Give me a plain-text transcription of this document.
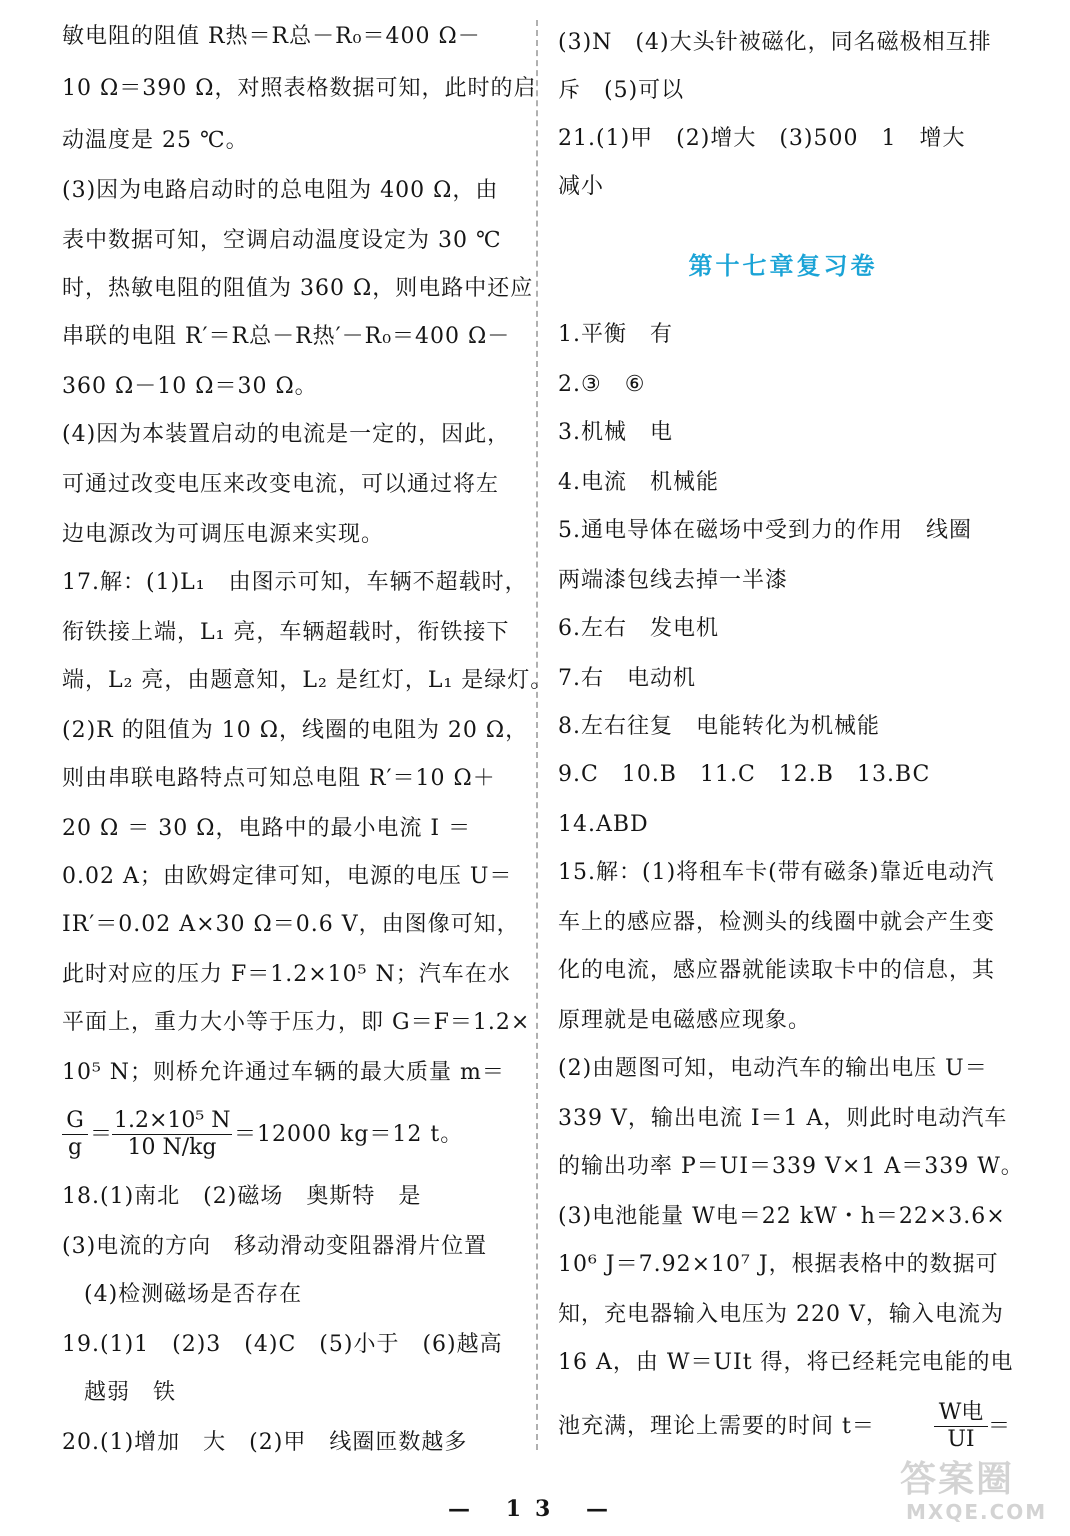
敏电阻的阻值 R热＝R总－R₀＝400 Ω－
10 Ω＝390 Ω，对照表格数据可知，此时的启
动温度是 25 ℃。
(3)因为电路启动时的总电阻为 400 Ω，由
表中数据可知，空调启动温度设定为 30 ℃
时，热敏电阻的阻值为 360 Ω，则电路中还应
串联的电阻 R′＝R总－R热′－R₀＝400 Ω－
360 Ω－10 Ω＝30 Ω。
(4)因为本装置启动的电流是一定的，因此，
可通过改变电压来改变电流，可以通过将左
边电源改为可调压电源来实现。
17.解：(1)L₁　由图示可知，车辆不超载时，
衔铁接上端，L₁ 亮，车辆超载时，衔铁接下
端，L₂ 亮，由题意知，L₂ 是红灯，L₁ 是绿灯。
(2)R 的阻值为 10 Ω，线圈的电阻为 20 Ω，
则由串联电路特点可知总电阻 R′＝10 Ω＋
20 Ω ＝ 30 Ω，电路中的最小电流 I ＝
0.02 A；由欧姆定律可知，电源的电压 U＝
IR′＝0.02 A×30 Ω＝0.6 V，由图像可知，
此时对应的压力 F＝1.2×10⁵ N；汽车在水
平面上，重力大小等于压力，即 G＝F＝1.2×
10⁵ N；则桥允许通过车辆的最大质量 m＝
$\frac{G}{g}$ ＝
$\frac{\text{1.2×10⁵ N}}{10 N/kg} =12000$ kg＝12 t。
18.(1)南北　(2)磁场　奥斯特　是
(3)电流的方向　移动滑动变阻器滑片位置
(4)检测磁场是否存在
19.(1)1　(2)3　(4)C　(5)小于　(6)越高
越弱　铁
20.(1)增加　大　(2)甲　线圈匝数越多
(3)N　(4)大头针被磁化，同名磁极相互排
斥　(5)可以
21.(1)甲　(2)增大　(3)500　1　增大
减小
第十七章复习卷
1.平衡　有
2.③　⑥
3.机械　电
4.电流　机械能
5.通电导体在磁场中受到力的作用　线圈
两端漆包线去掉一半漆
6.左右　发电机
7.右　电动机
8.左右往复　电能转化为机械能
9.C　10.B　11.C　12.B　13.BC
14.ABD
15.解：(1)将租车卡(带有磁条)靠近电动汽
车上的感应器，检测头的线圈中就会产生变
化的电流，感应器就能读取卡中的信息，其
原理就是电磁感应现象。
(2)由题图可知，电动汽车的输出电压 U＝
339 V，输出电流 I＝1 A，则此时电动汽车
的输出功率 P＝UI＝339 V×1 A＝339 W。
(3)电池能量 W电＝22 kW・h＝22×3.6×
10⁶ J＝7.92×10⁷ J，根据表格中的数据可
知，充电器输入电压为 220 V，输入电流为
16 A，由 W＝UIt 得，将已经耗完电能的电
池充满，理论上需要的时间 t＝
W电
UI
＝
— 13 —
答案圈
MXQE.COM
